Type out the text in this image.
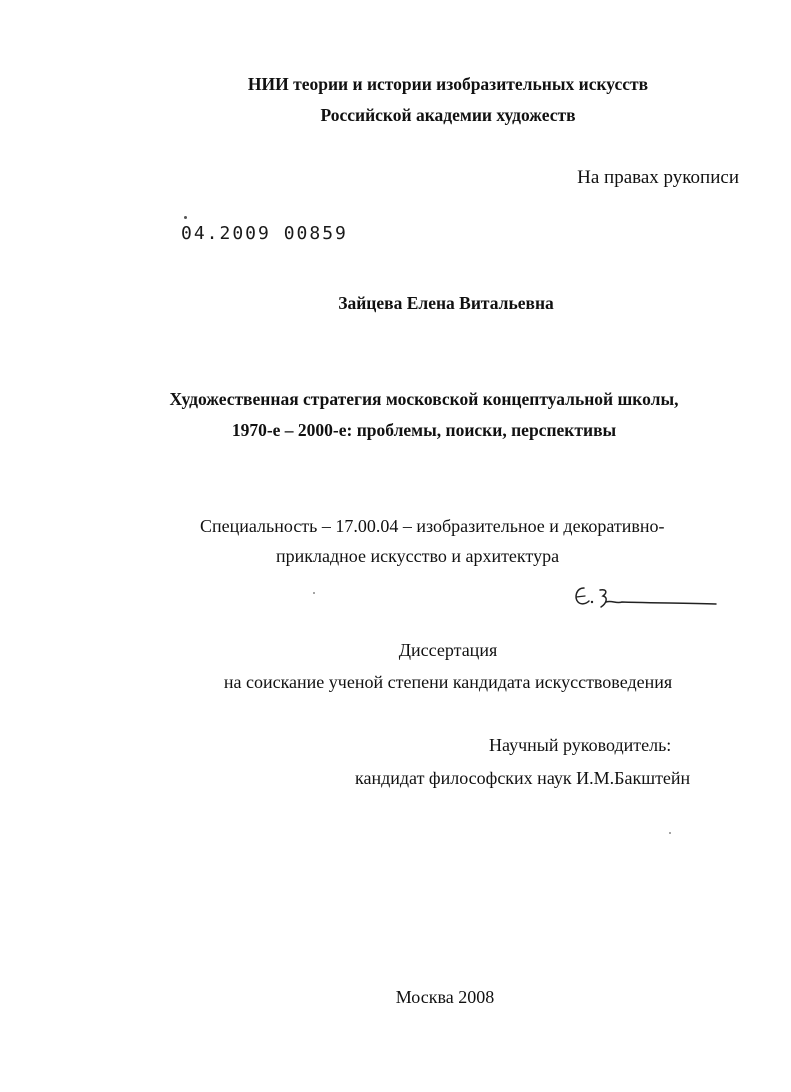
НИИ теории и истории изобразительных искусств
Российской академии художеств
На правах рукописи
04.2009 00859
Зайцева Елена Витальевна
Художественная стратегия московской концептуальной школы,
1970-е – 2000-е: проблемы, поиски, перспективы
Специальность – 17.00.04 – изобразительное и декоративно-
прикладное искусство и архитектура
Диссертация
на соискание ученой степени кандидата искусствоведения
Научный руководитель:
кандидат философских наук И.М.Бакштейн
Москва 2008
